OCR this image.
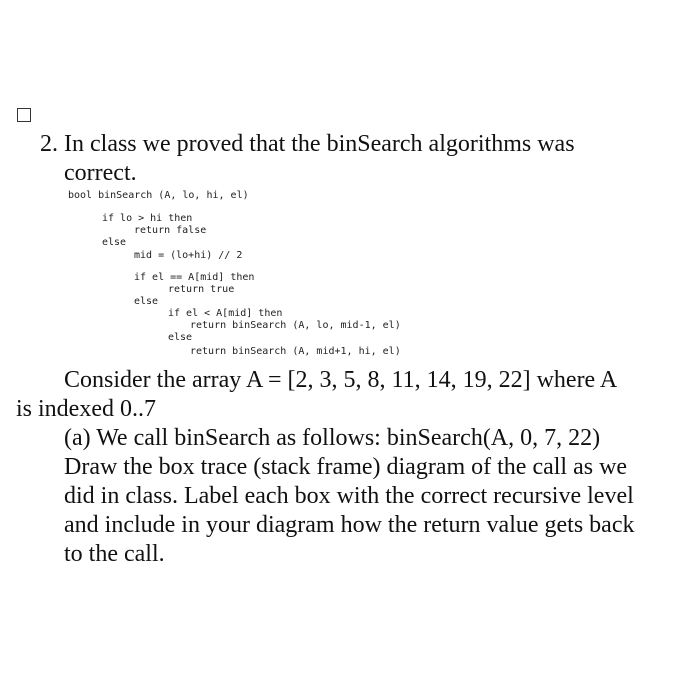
2. In class we proved that the binSearch algorithms was
correct.
bool binSearch (A, lo, hi, el)
if lo > hi then
return false
else
mid = (lo+hi) // 2
if el == A[mid] then
return true
else
if el < A[mid] then
return binSearch (A, lo, mid-1, el)
else
return binSearch (A, mid+1, hi, el)
Consider the array A = [2, 3, 5, 8, 11, 14, 19, 22] where A
is indexed 0..7
(a) We call binSearch as follows: binSearch(A, 0, 7, 22)
Draw the box trace (stack frame) diagram of the call as we
did in class. Label each box with the correct recursive level
and include in your diagram how the return value gets back
to the call.
